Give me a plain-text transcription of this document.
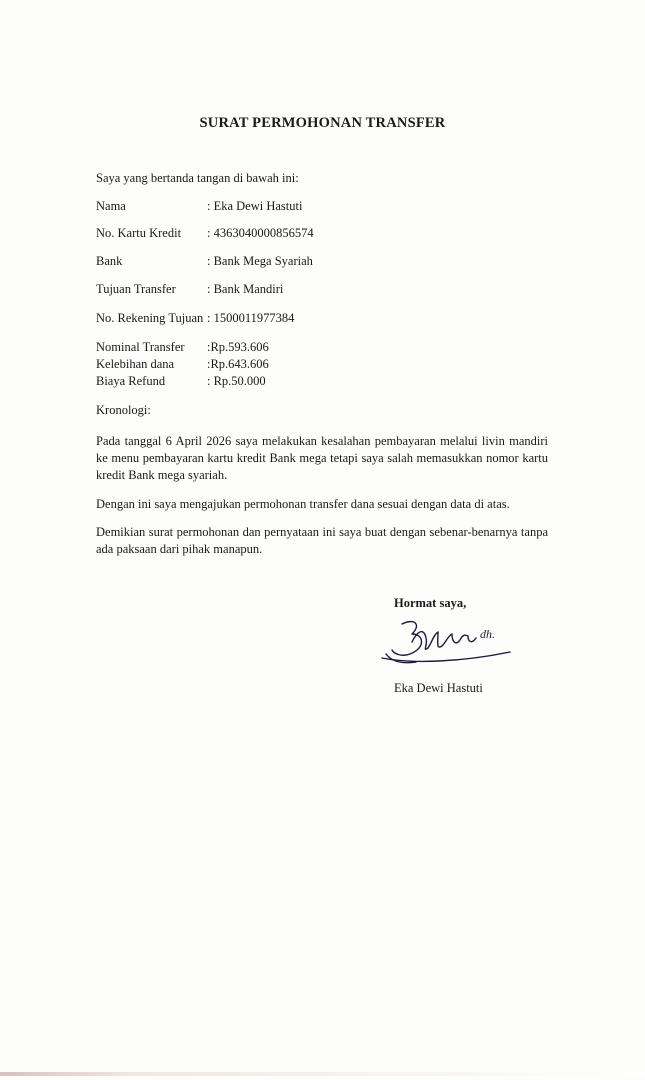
SURAT PERMOHONAN TRANSFER
Saya yang bertanda tangan di bawah ini:
Nama	: Eka Dewi Hastuti
No. Kartu Kredit : 4363040000856574
Bank	: Bank Mega Syariah
Tujuan Transfer : Bank Mandiri
No. Rekening Tujuan : 1500011977384
Nominal Transfer :Rp.593.606
Kelebihan dana	:Rp.643.606
Biaya Refund	: Rp.50.000
Kronologi:
Pada tanggal 6 April 2026 saya melakukan kesalahan pembayaran melalui livin mandiri ke menu pembayaran kartu kredit Bank mega tetapi saya salah memasukkan nomor kartu kredit Bank mega syariah.
Dengan ini saya mengajukan permohonan transfer dana sesuai dengan data di atas.
Demikian surat permohonan dan pernyataan ini saya buat dengan sebenar-benarnya tanpa ada paksaan dari pihak manapun.
Hormat saya,
dh.
Eka Dewi Hastuti
